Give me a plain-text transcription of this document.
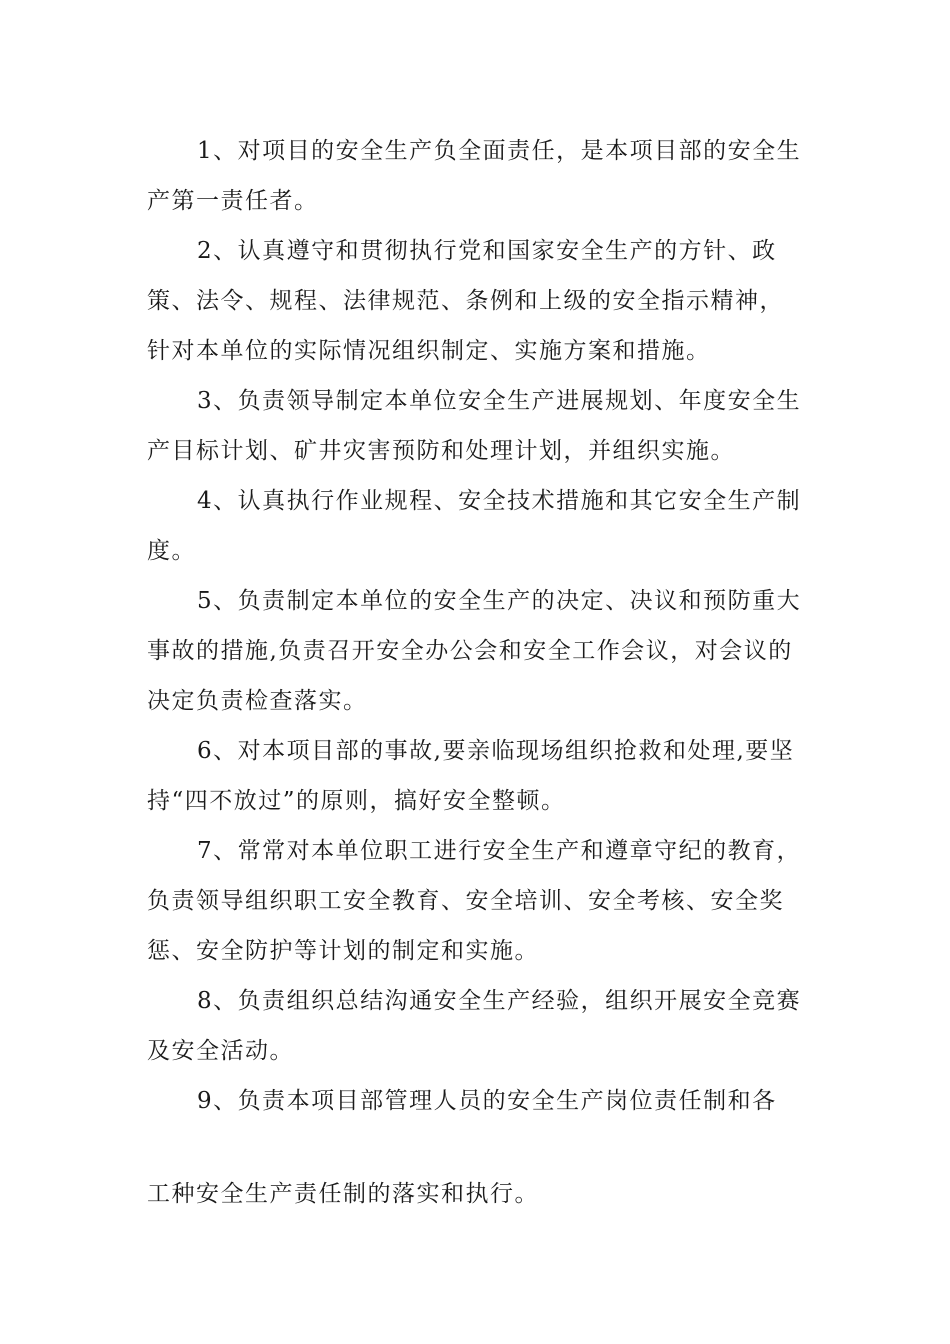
1、对项目的安全生产负全面责任，是本项目部的安全生产第一责任者。

2、认真遵守和贯彻执行党和国家安全生产的方针、政策、法令、规程、法律规范、条例和上级的安全指示精神，针对本单位的实际情况组织制定、实施方案和措施。

3、负责领导制定本单位安全生产进展规划、年度安全生产目标计划、矿井灾害预防和处理计划，并组织实施。

4、认真执行作业规程、安全技术措施和其它安全生产制度。

5、负责制定本单位的安全生产的决定、决议和预防重大事故的措施,负责召开安全办公会和安全工作会议，对会议的决定负责检查落实。

6、对本项目部的事故,要亲临现场组织抢救和处理,要坚持“四不放过”的原则，搞好安全整顿。

7、常常对本单位职工进行安全生产和遵章守纪的教育，负责领导组织职工安全教育、安全培训、安全考核、安全奖惩、安全防护等计划的制定和实施。

8、负责组织总结沟通安全生产经验，组织开展安全竞赛及安全活动。

9、负责本项目部管理人员的安全生产岗位责任制和各

工种安全生产责任制的落实和执行。
